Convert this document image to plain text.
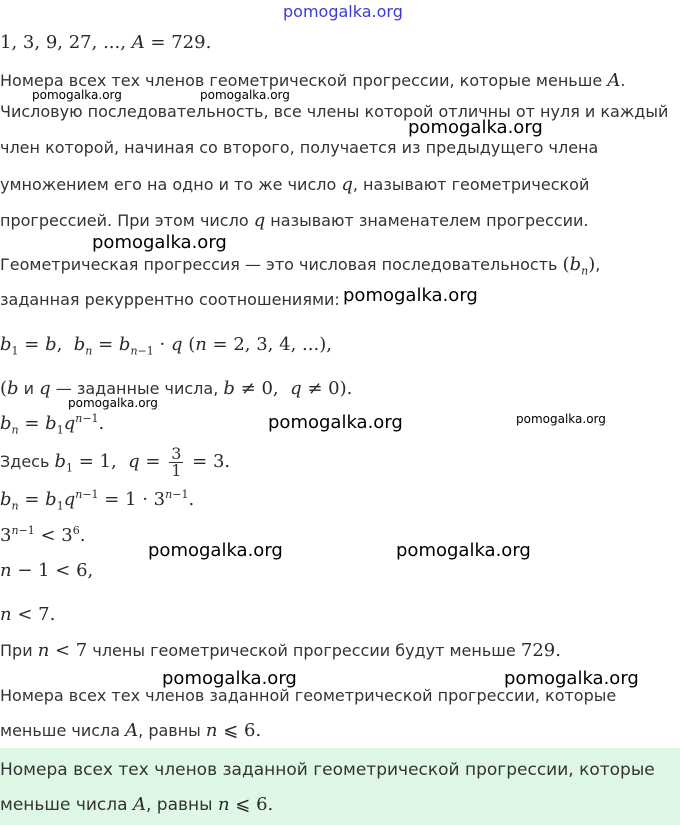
pomogalka.org
pomogalka.org	pomogalka.org
pomogalka.org
pomogalka.org
pomogalka.org
pomogalka.org
pomogalka.org	pomogalka.org
pomogalka.org	pomogalka.org
pomogalka.org	pomogalka.org
1, 3, 9, 27, ..., A = 729.
Номера всех тех членов геометрической прогрессии, которые меньше A.
Числовую последовательность, все члены которой отличны от нуля и каждый
член которой, начиная со второго, получается из предыдущего члена
умножением его на одно и то же число q, называют геометрической
прогрессией. При этом число q называют знаменателем прогрессии.
Геометрическая прогрессия — это числовая последовательность $(b_n)$,
заданная рекуррентно соотношениями:
$b_1 = b$,  $b_n = b_{n-1} \cdot q$ (n = 2, 3, 4, ...),
(b и q — заданные числа, b ≠ 0,  q ≠ 0).
$b_n = b_1q^{n-1}$.
Здесь $b_1 = 1$,  $q = \frac{3}{1} = 3$.
$b_n = b_1q^{n-1} = 1 \cdot 3^{n-1}$.
$3^{n-1} < 3^6$.
n − 1 < 6,
n < 7.
При n < 7 члены геометрической прогрессии будут меньше 729.
Номера всех тех членов заданной геометрической прогрессии, которые
меньше числа A, равны n ⩽ 6.
Номера всех тех членов заданной геометрической прогрессии, которые
меньше числа A, равны n ⩽ 6.
